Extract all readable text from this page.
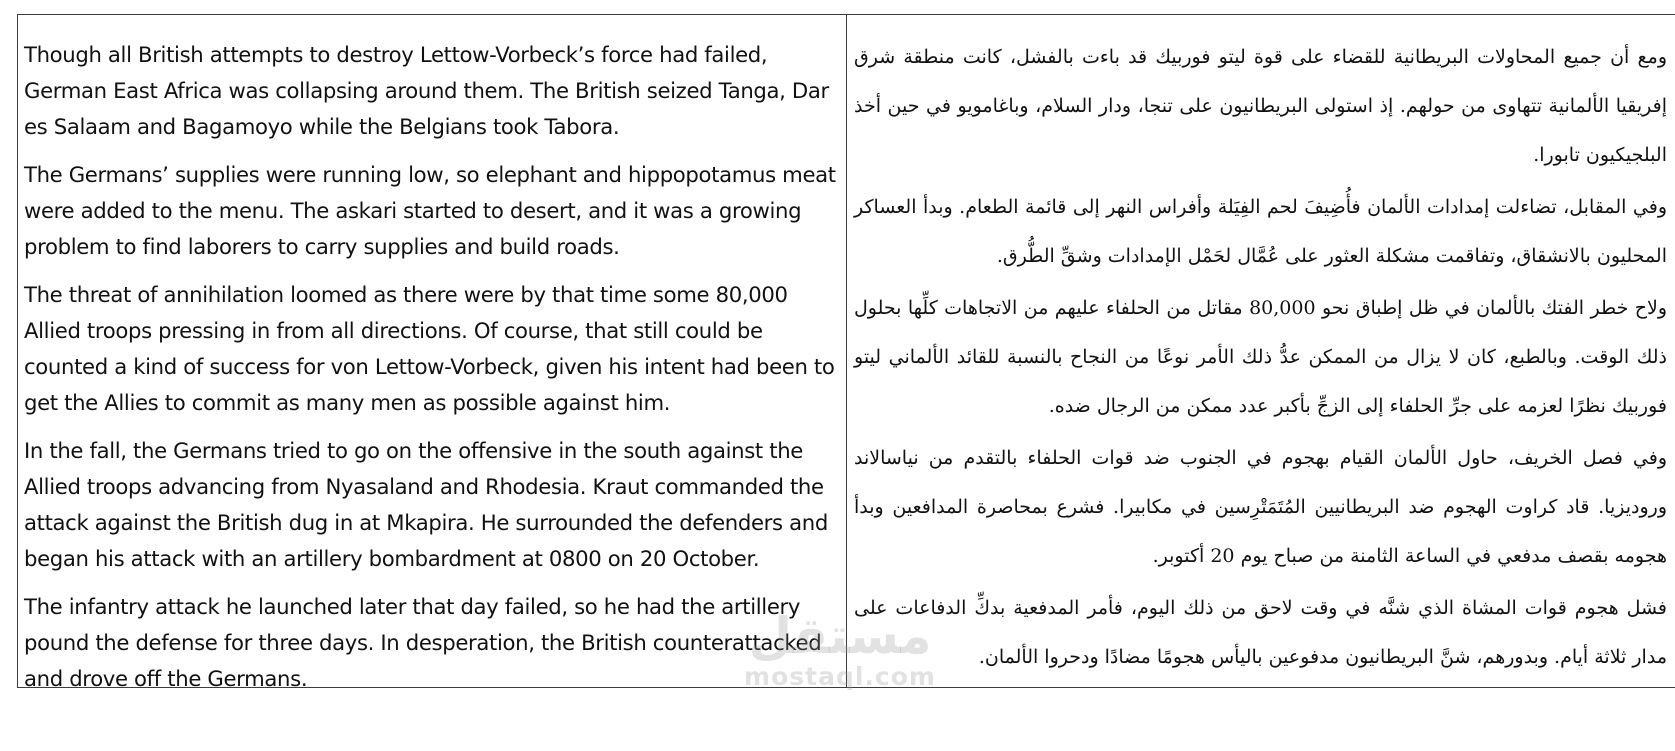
Though all British attempts to destroy Lettow-Vorbeck’s force had failed, German East Africa was collapsing around them. The British seized Tanga, Dar es Salaam and Bagamoyo while the Belgians took Tabora.

The Germans’ supplies were running low, so elephant and hippopotamus meat were added to the menu. The askari started to desert, and it was a growing problem to find laborers to carry supplies and build roads.

The threat of annihilation loomed as there were by that time some 80,000 Allied troops pressing in from all directions. Of course, that still could be counted a kind of success for von Lettow-Vorbeck, given his intent had been to get the Allies to commit as many men as possible against him.

In the fall, the Germans tried to go on the offensive in the south against the Allied troops advancing from Nyasaland and Rhodesia. Kraut commanded the attack against the British dug in at Mkapira. He surrounded the defenders and began his attack with an artillery bombardment at 0800 on 20 October.

The infantry attack he launched later that day failed, so he had the artillery pound the defense for three days. In desperation, the British counterattacked and drove off the Germans.

ومع أن جميع المحاولات البريطانية للقضاء على قوة ليتو فوربيك قد باءت بالفشل، كانت منطقة شرق إفريقيا الألمانية تتهاوى من حولهم. إذ استولى البريطانيون على تنجا، ودار السلام، وباغامويو في حين أخذ البلجيكيون تابورا.

وفي المقابل، تضاءلت إمدادات الألمان فأُضِيفَ لحم الفِيَلة وأفراس النهر إلى قائمة الطعام. وبدأ العساكر المحليون بالانشقاق، وتفاقمت مشكلة العثور على عُمَّال لحَمْل الإمدادات وشقِّ الطُّرق.

ولاح خطر الفتك بالألمان في ظل إطباق نحو 80,000 مقاتل من الحلفاء عليهم من الاتجاهات كلِّها بحلول ذلك الوقت. وبالطبع، كان لا يزال من الممكن عدُّ ذلك الأمر نوعًا من النجاح بالنسبة للقائد الألماني ليتو فوربيك نظرًا لعزمه على جرِّ الحلفاء إلى الزجِّ بأكبر عدد ممكن من الرجال ضده.

وفي فصل الخريف، حاول الألمان القيام بهجوم في الجنوب ضد قوات الحلفاء بالتقدم من نياسالاند وروديزيا. قاد كراوت الهجوم ضد البريطانيين المُتَمَتْرِسين في مكابيرا. فشرع بمحاصرة المدافعين وبدأ هجومه بقصف مدفعي في الساعة الثامنة من صباح يوم 20 أكتوبر.

فشل هجوم قوات المشاة الذي شنَّه في وقت لاحق من ذلك اليوم، فأمر المدفعية بدكِّ الدفاعات على مدار ثلاثة أيام. وبدورهم، شنَّ البريطانيون مدفوعين باليأس هجومًا مضادًا ودحروا الألمان.

مستقل
mostaql.com
